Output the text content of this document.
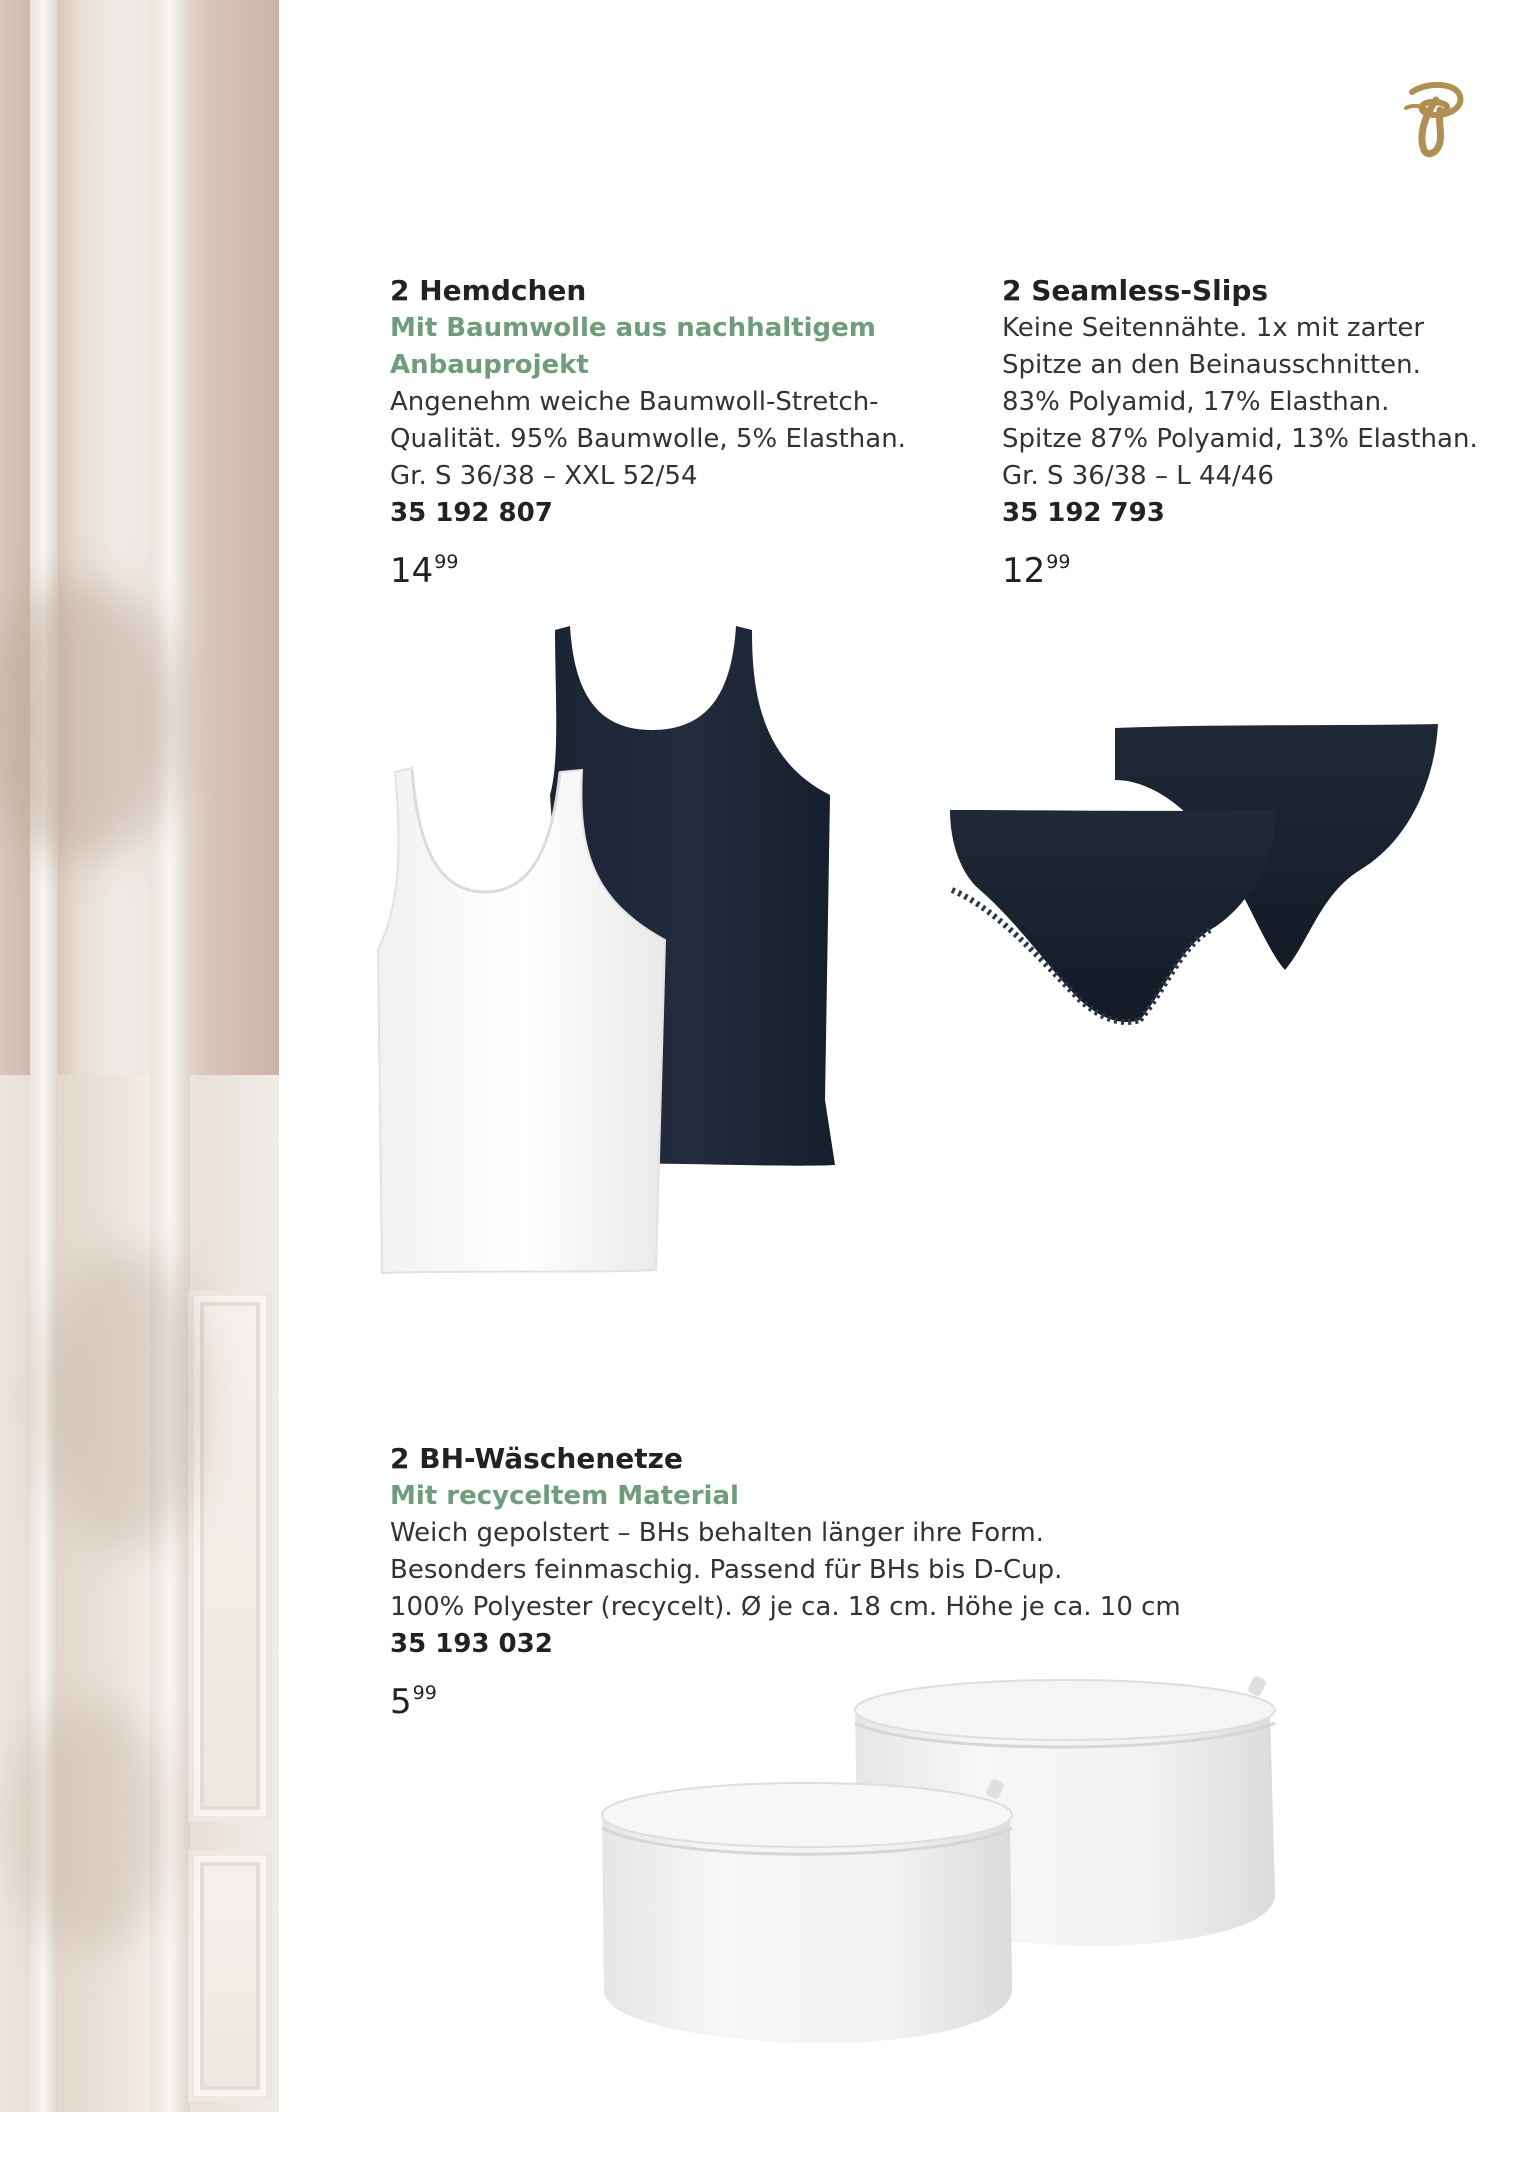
2 Hemdchen
Mit Baumwolle aus nachhaltigem
Anbauprojekt
Angenehm weiche Baumwoll-Stretch-
Qualität. 95% Baumwolle, 5% Elasthan.
Gr. S 36/38 – XXL 52/54
35 192 807
$14^{99}$
2 Seamless-Slips
Keine Seitennähte. 1x mit zarter
Spitze an den Beinausschnitten.
83% Polyamid, 17% Elasthan.
Spitze 87% Polyamid, 13% Elasthan.
Gr. S 36/38 – L 44/46
35 192 793
$12^{99}$
2 BH-Wäschenetze
Mit recyceltem Material
Weich gepolstert – BHs behalten länger ihre Form.
Besonders feinmaschig. Passend für BHs bis D-Cup.
100% Polyester (recycelt). Ø je ca. 18 cm. Höhe je ca. 10 cm
35 193 032
$5^{99}$
